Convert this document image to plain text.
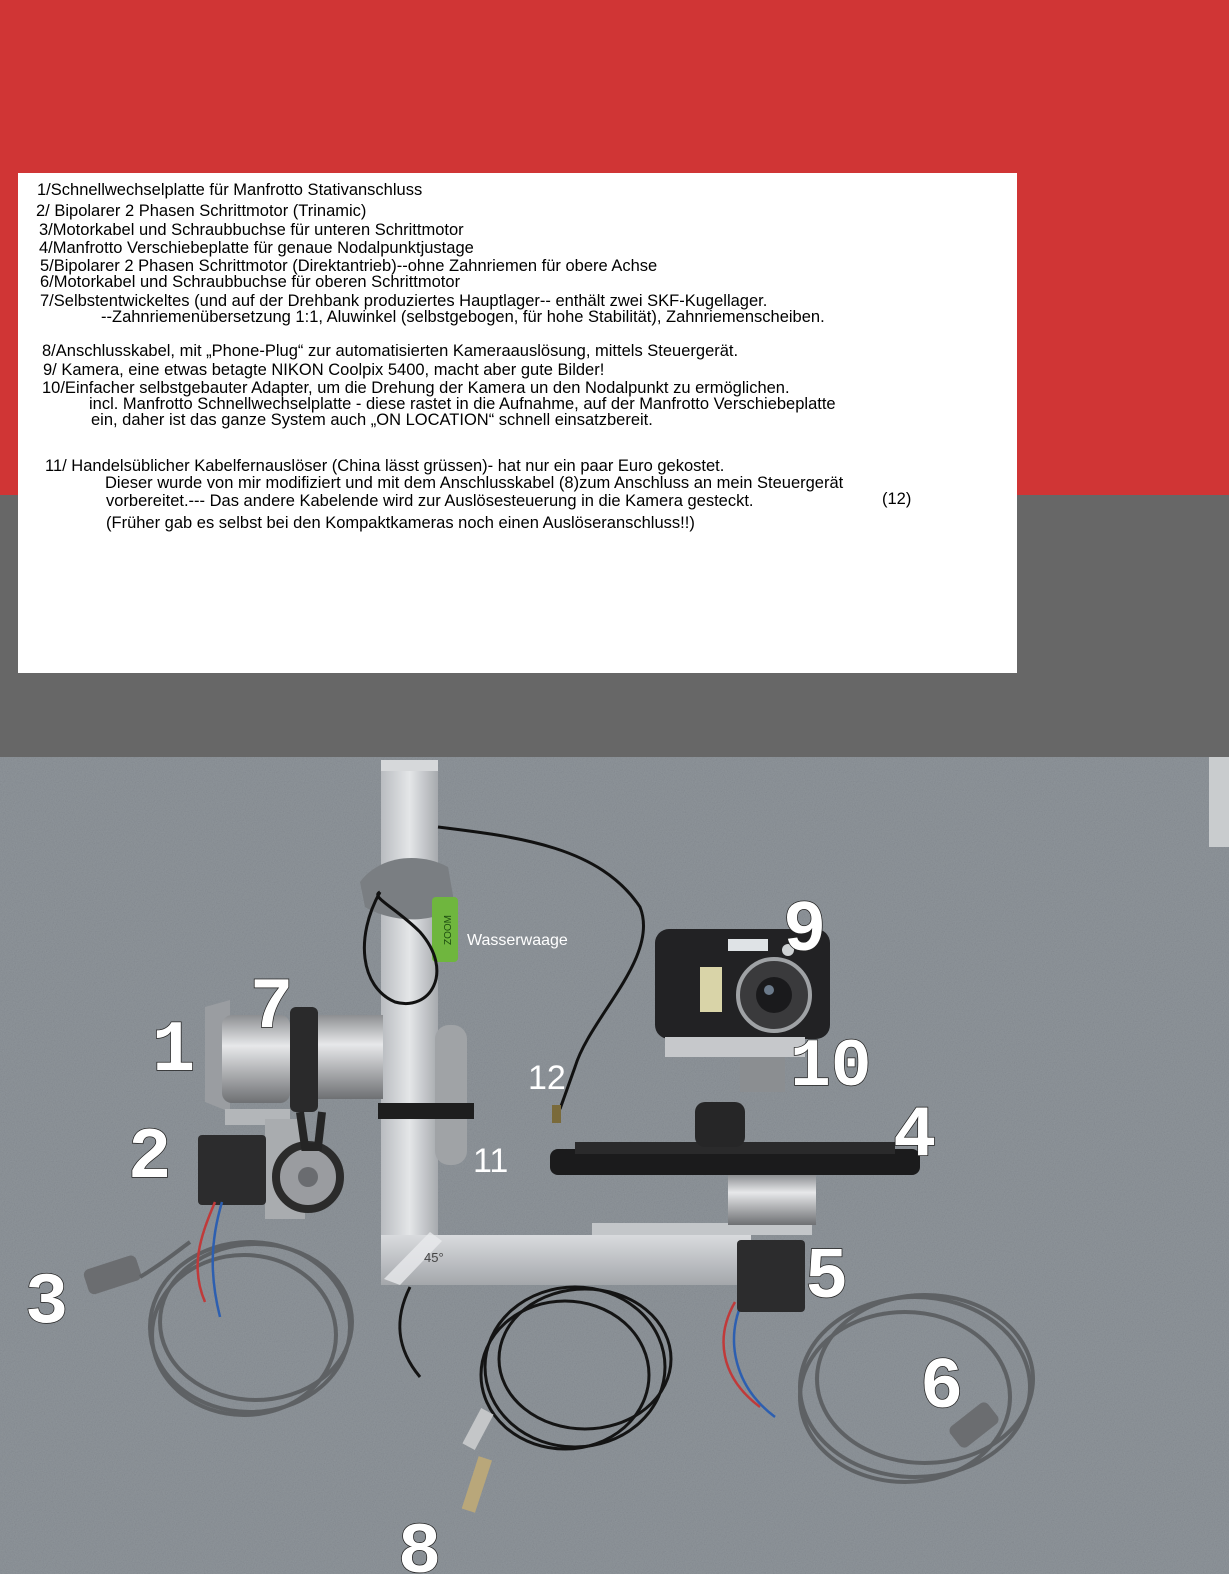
1/Schnellwechselplatte für Manfrotto Stativanschluss
2/ Bipolarer 2 Phasen Schrittmotor (Trinamic)
3/Motorkabel und Schraubbuchse für unteren Schrittmotor
4/Manfrotto Verschiebeplatte für genaue Nodalpunktjustage
5/Bipolarer 2 Phasen Schrittmotor (Direktantrieb)--ohne Zahnriemen für obere Achse
6/Motorkabel und Schraubbuchse für oberen Schrittmotor
7/Selbstentwickeltes (und auf der Drehbank produziertes Hauptlager-- enthält zwei SKF-Kugellager.
--Zahnriemenübersetzung 1:1, Aluwinkel (selbstgebogen, für hohe Stabilität), Zahnriemenscheiben.
8/Anschlusskabel, mit „Phone-Plug“ zur automatisierten Kameraauslösung, mittels Steuergerät.
9/ Kamera, eine etwas betagte NIKON Coolpix 5400, macht aber gute Bilder!
10/Einfacher selbstgebauter Adapter, um die Drehung der Kamera un den Nodalpunkt zu ermöglichen.
incl. Manfrotto Schnellwechselplatte - diese rastet in die Aufnahme, auf der Manfrotto Verschiebeplatte
ein, daher ist das ganze System auch „ON LOCATION“ schnell einsatzbereit.
11/ Handelsüblicher Kabelfernauslöser (China lässt grüssen)- hat nur ein paar Euro gekostet.
Dieser wurde von mir modifiziert und mit dem Anschlusskabel (8)zum Anschluss an mein Steuergerät
vorbereitet.--- Das andere Kabelende wird zur Auslösesteuerung in die Kamera gesteckt.	(12)
(Früher gab es selbst bei den Kompaktkameras noch einen Auslöseranschluss!!)
45°
ZOOM Wasserwaage
1
7
2
3
8
9
10
4
5
6
12
11
